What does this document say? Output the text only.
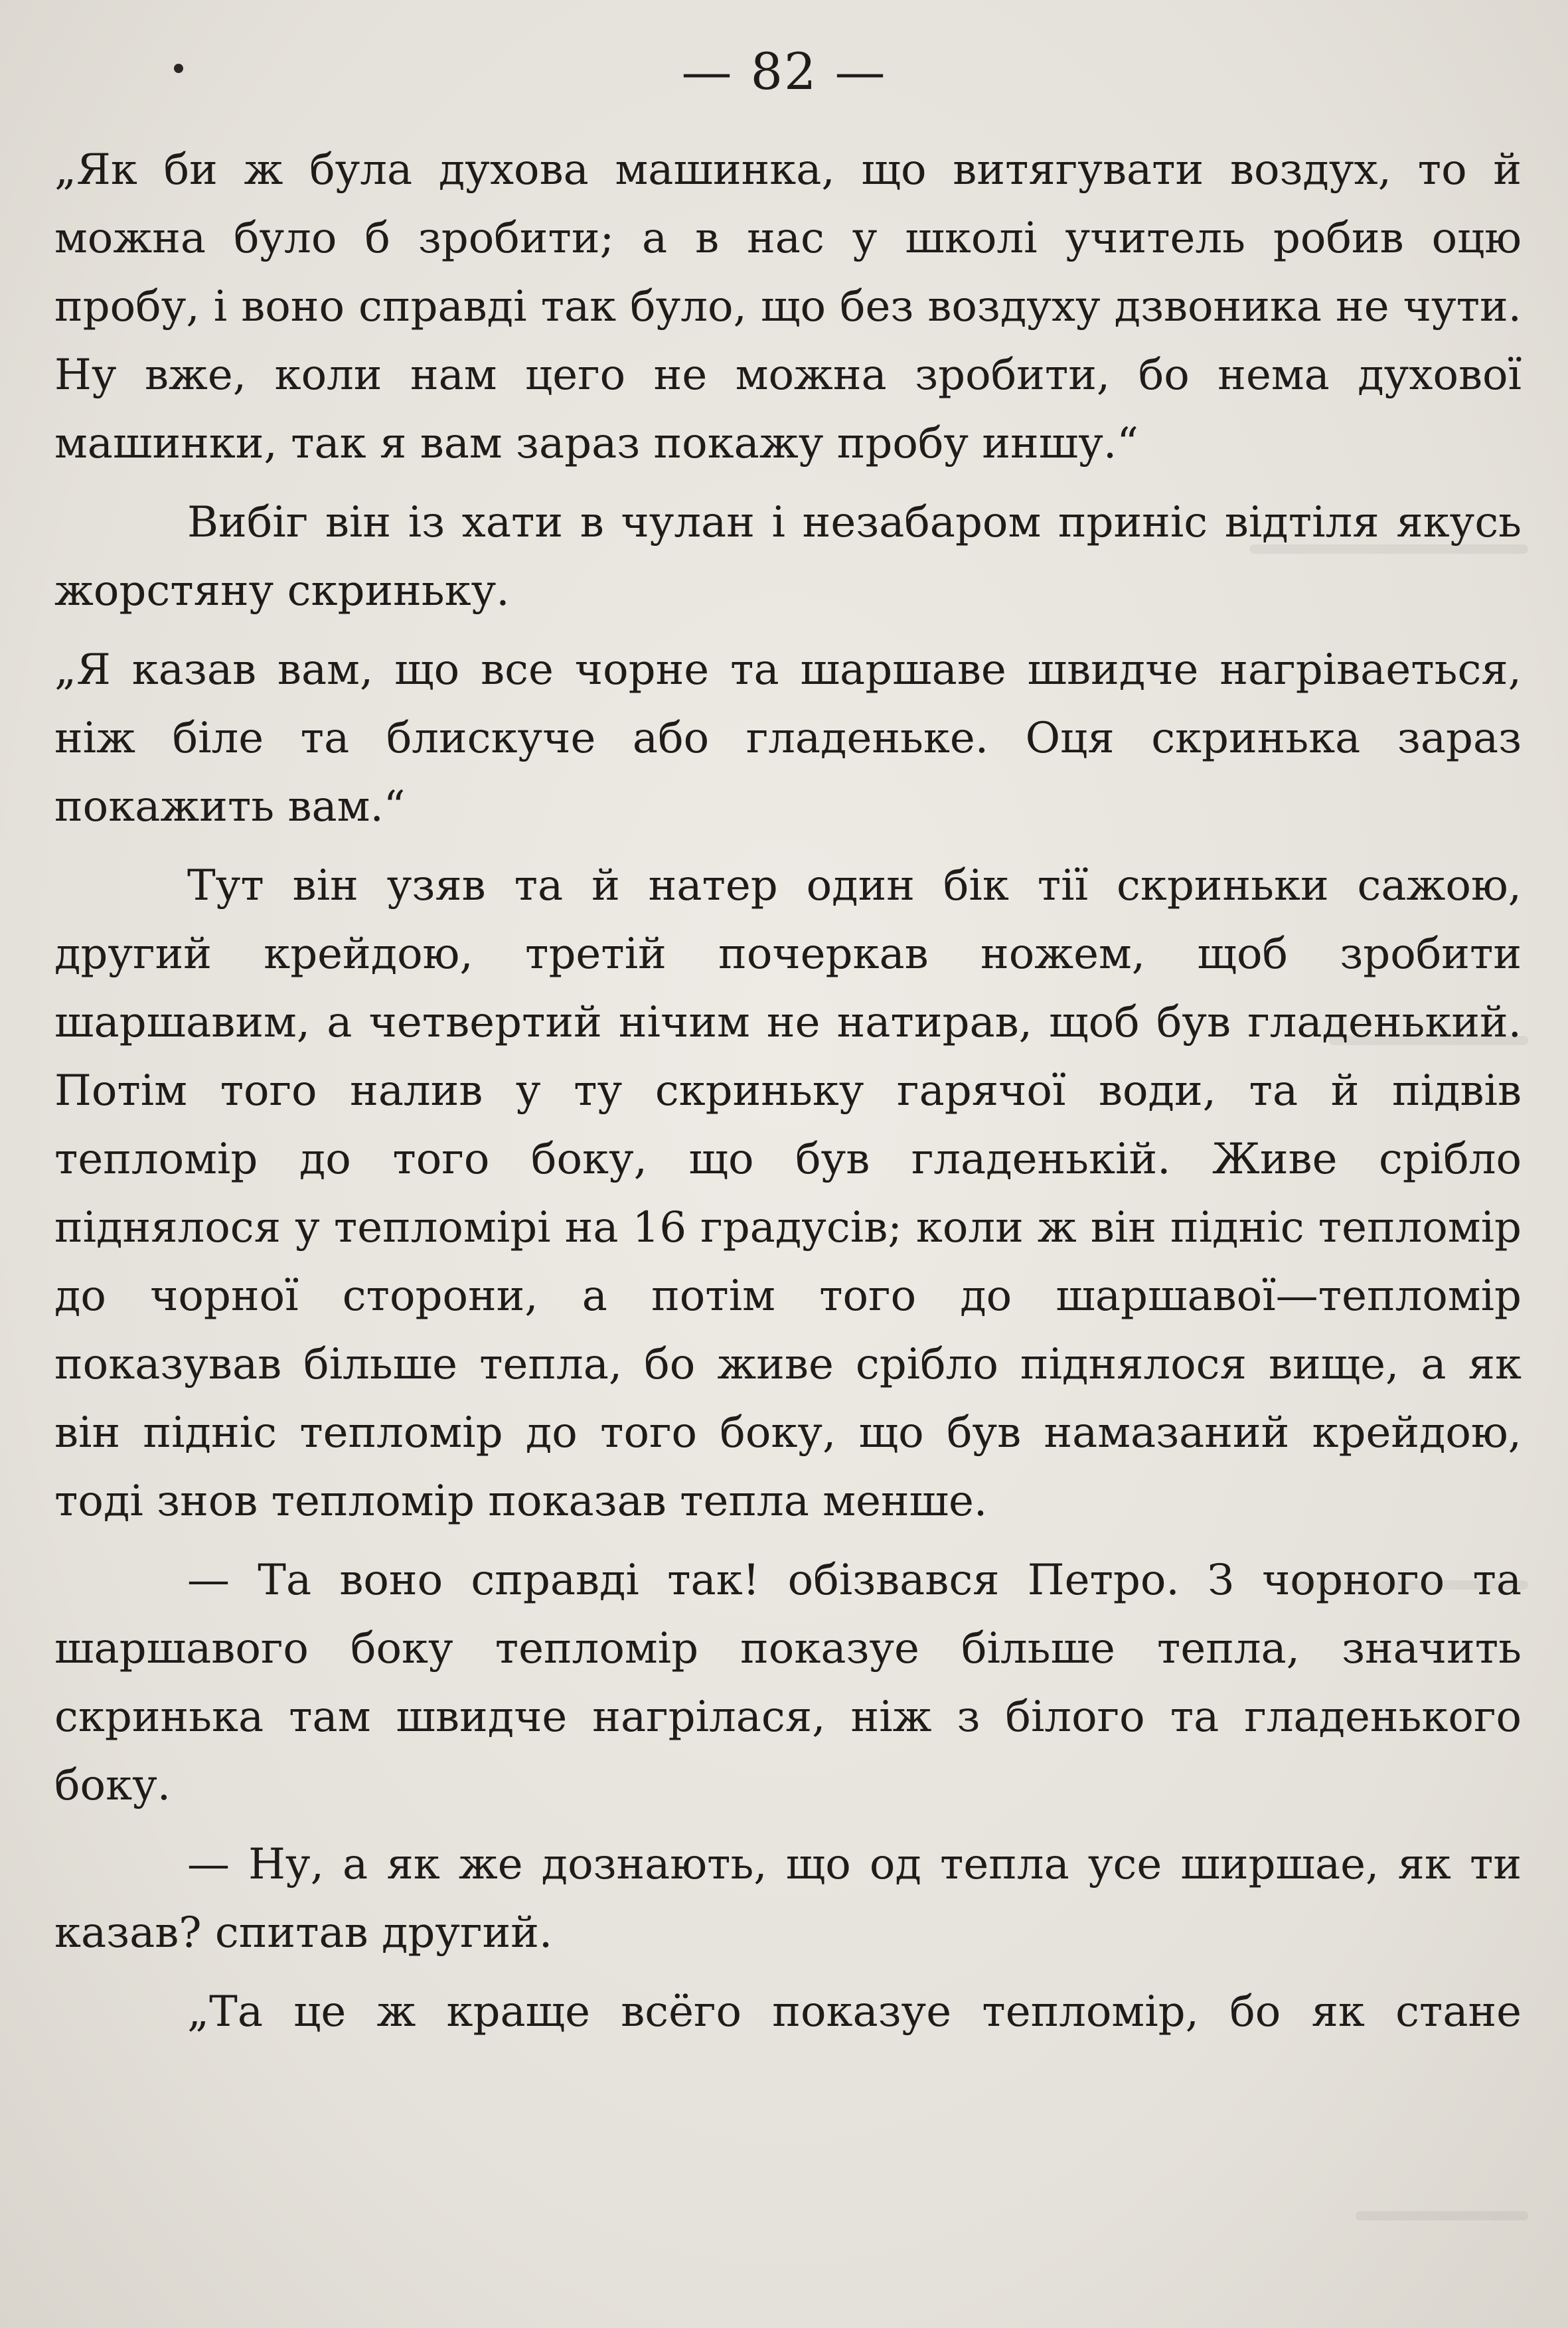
— 82 —

„Як би ж була духова машинка, що витягувати воздух, то й можна було б зробити; а в нас у школі учитель робив оцю пробу, і воно справді так було, що без воздуху дзвоника не чути. Ну вже, коли нам цего не можна зробити, бо нема духової машинки, так я вам зараз покажу пробу иншу.“

Вибіг він із хати в чулан і незабаром приніс відтіля якусь жорстяну скриньку.

„Я казав вам, що все чорне та шаршаве швидче нагріваеться, ніж біле та блискуче або гладеньке. Оця скринька зараз покажить вам.“

Тут він узяв та й натер один бік тії скриньки сажою, другий крейдою, третій почеркав ножем, щоб зробити шаршавим, а четвертий нічим не натирав, щоб був гладенький. Потім того налив у ту скриньку гарячої води, та й підвів тепломір до того боку, що був гладенькій. Живе срібло піднялося у тепломірі на 16 градусів; коли ж він підніс тепломір до чорної сторони, а потім того до шаршавої—тепломір показував більше тепла, бо живе срібло піднялося вище, а як він підніс тепломір до того боку, що був намазаний крейдою, тоді знов тепломір показав тепла менше.

— Та воно справді так! обізвався Петро. З чорного та шаршавого боку тепломір показуе більше тепла, значить скринька там швидче нагрілася, ніж з білого та гладенького боку.

— Ну, а як же дознають, що од тепла усе ширшае, як ти казав? спитав другий.

„Та це ж краще всёго показуе тепломір, бо як стане
